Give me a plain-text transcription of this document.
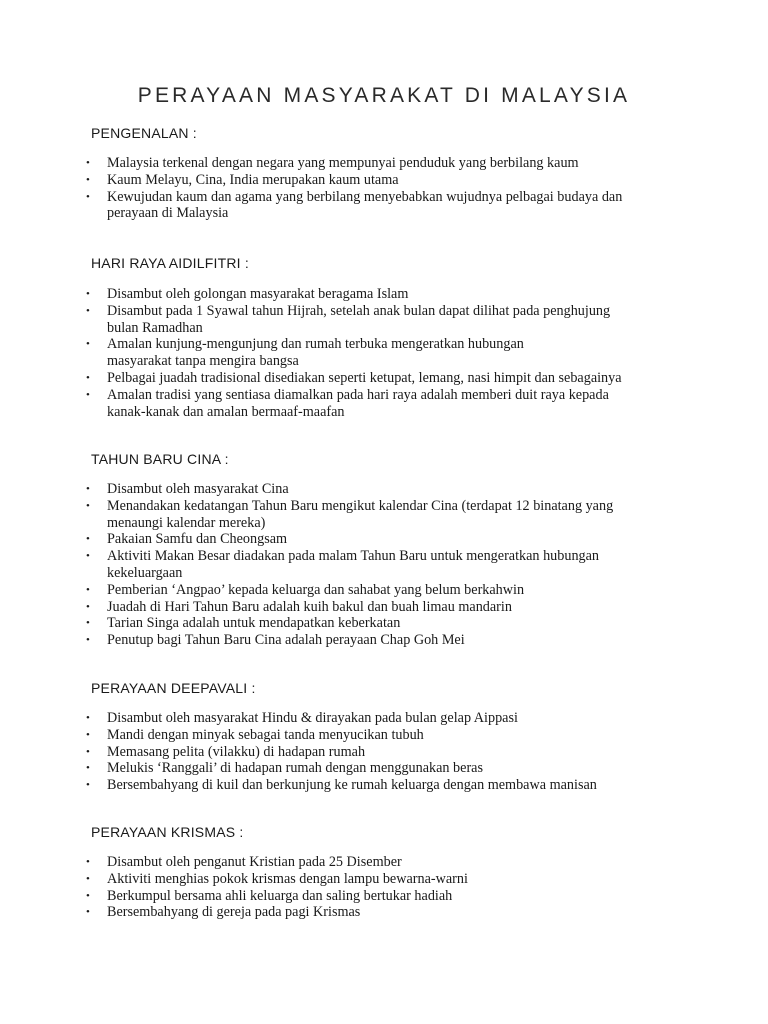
PERAYAAN MASYARAKAT DI MALAYSIA
PENGENALAN :
• Malaysia terkenal dengan negara yang mempunyai penduduk yang berbilang kaum
• Kaum Melayu, Cina, India merupakan kaum utama
• Kewujudan kaum dan agama yang berbilang menyebabkan wujudnya pelbagai budaya dan
perayaan di Malaysia
HARI RAYA AIDILFITRI :
• Disambut oleh golongan masyarakat beragama Islam
• Disambut pada 1 Syawal tahun Hijrah, setelah anak bulan dapat dilihat pada penghujung
bulan Ramadhan
• Amalan kunjung-mengunjung dan rumah terbuka mengeratkan hubungan
masyarakat tanpa mengira bangsa
• Pelbagai juadah tradisional disediakan seperti ketupat, lemang, nasi himpit dan sebagainya
• Amalan tradisi yang sentiasa diamalkan pada hari raya adalah memberi duit raya kepada
kanak-kanak dan amalan bermaaf-maafan
TAHUN BARU CINA :
• Disambut oleh masyarakat Cina
• Menandakan kedatangan Tahun Baru mengikut kalendar Cina (terdapat 12 binatang yang
menaungi kalendar mereka)
• Pakaian Samfu dan Cheongsam
• Aktiviti Makan Besar diadakan pada malam Tahun Baru untuk mengeratkan hubungan
kekeluargaan
• Pemberian ‘Angpao’ kepada keluarga dan sahabat yang belum berkahwin
• Juadah di Hari Tahun Baru adalah kuih bakul dan buah limau mandarin
• Tarian Singa adalah untuk mendapatkan keberkatan
• Penutup bagi Tahun Baru Cina adalah perayaan Chap Goh Mei
PERAYAAN DEEPAVALI :
• Disambut oleh masyarakat Hindu & dirayakan pada bulan gelap Aippasi
• Mandi dengan minyak sebagai tanda menyucikan tubuh
• Memasang pelita (vilakku) di hadapan rumah
• Melukis ‘Ranggali’ di hadapan rumah dengan menggunakan beras
• Bersembahyang di kuil dan berkunjung ke rumah keluarga dengan membawa manisan
PERAYAAN KRISMAS :
• Disambut oleh penganut Kristian pada 25 Disember
• Aktiviti menghias pokok krismas dengan lampu bewarna-warni
• Berkumpul bersama ahli keluarga dan saling bertukar hadiah
• Bersembahyang di gereja pada pagi Krismas
